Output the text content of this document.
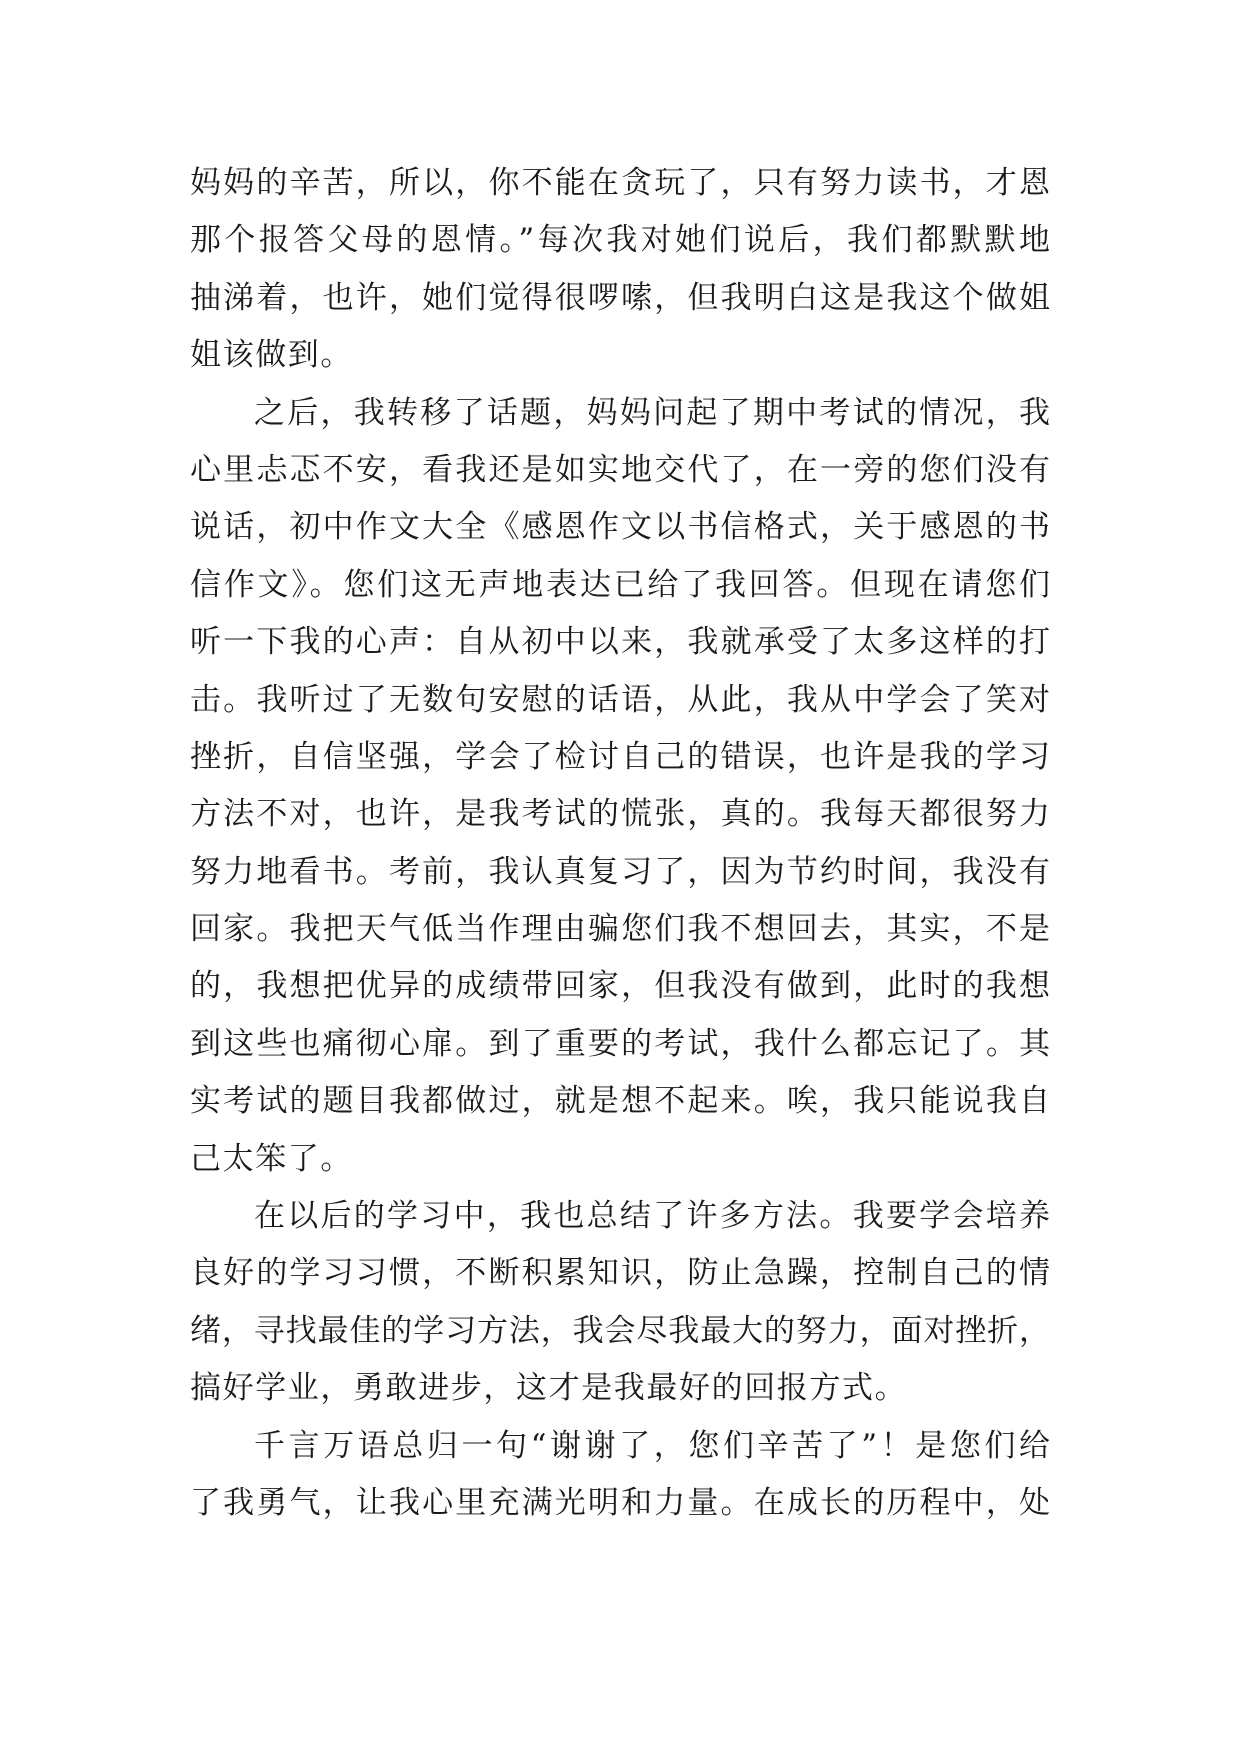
妈妈的辛苦，所以，你不能在贪玩了，只有努力读书，才恩
那个报答父母的恩情。”每次我对她们说后，我们都默默地
抽涕着，也许，她们觉得很啰嗦，但我明白这是我这个做姐
姐该做到。
之后，我转移了话题，妈妈问起了期中考试的情况，我
心里忐忑不安，看我还是如实地交代了，在一旁的您们没有
说话，初中作文大全《感恩作文以书信格式，关于感恩的书
信作文》。您们这无声地表达已给了我回答。但现在请您们
听一下我的心声：自从初中以来，我就承受了太多这样的打
击。我听过了无数句安慰的话语，从此，我从中学会了笑对
挫折，自信坚强，学会了检讨自己的错误，也许是我的学习
方法不对，也许，是我考试的慌张，真的。我每天都很努力
努力地看书。考前，我认真复习了，因为节约时间，我没有
回家。我把天气低当作理由骗您们我不想回去，其实，不是
的，我想把优异的成绩带回家，但我没有做到，此时的我想
到这些也痛彻心扉。到了重要的考试，我什么都忘记了。其
实考试的题目我都做过，就是想不起来。唉，我只能说我自
己太笨了。
在以后的学习中，我也总结了许多方法。我要学会培养
良好的学习习惯，不断积累知识，防止急躁，控制自己的情
绪，寻找最佳的学习方法，我会尽我最大的努力，面对挫折，
搞好学业，勇敢进步，这才是我最好的回报方式。
千言万语总归一句“谢谢了，您们辛苦了”！是您们给
了我勇气，让我心里充满光明和力量。在成长的历程中，处
